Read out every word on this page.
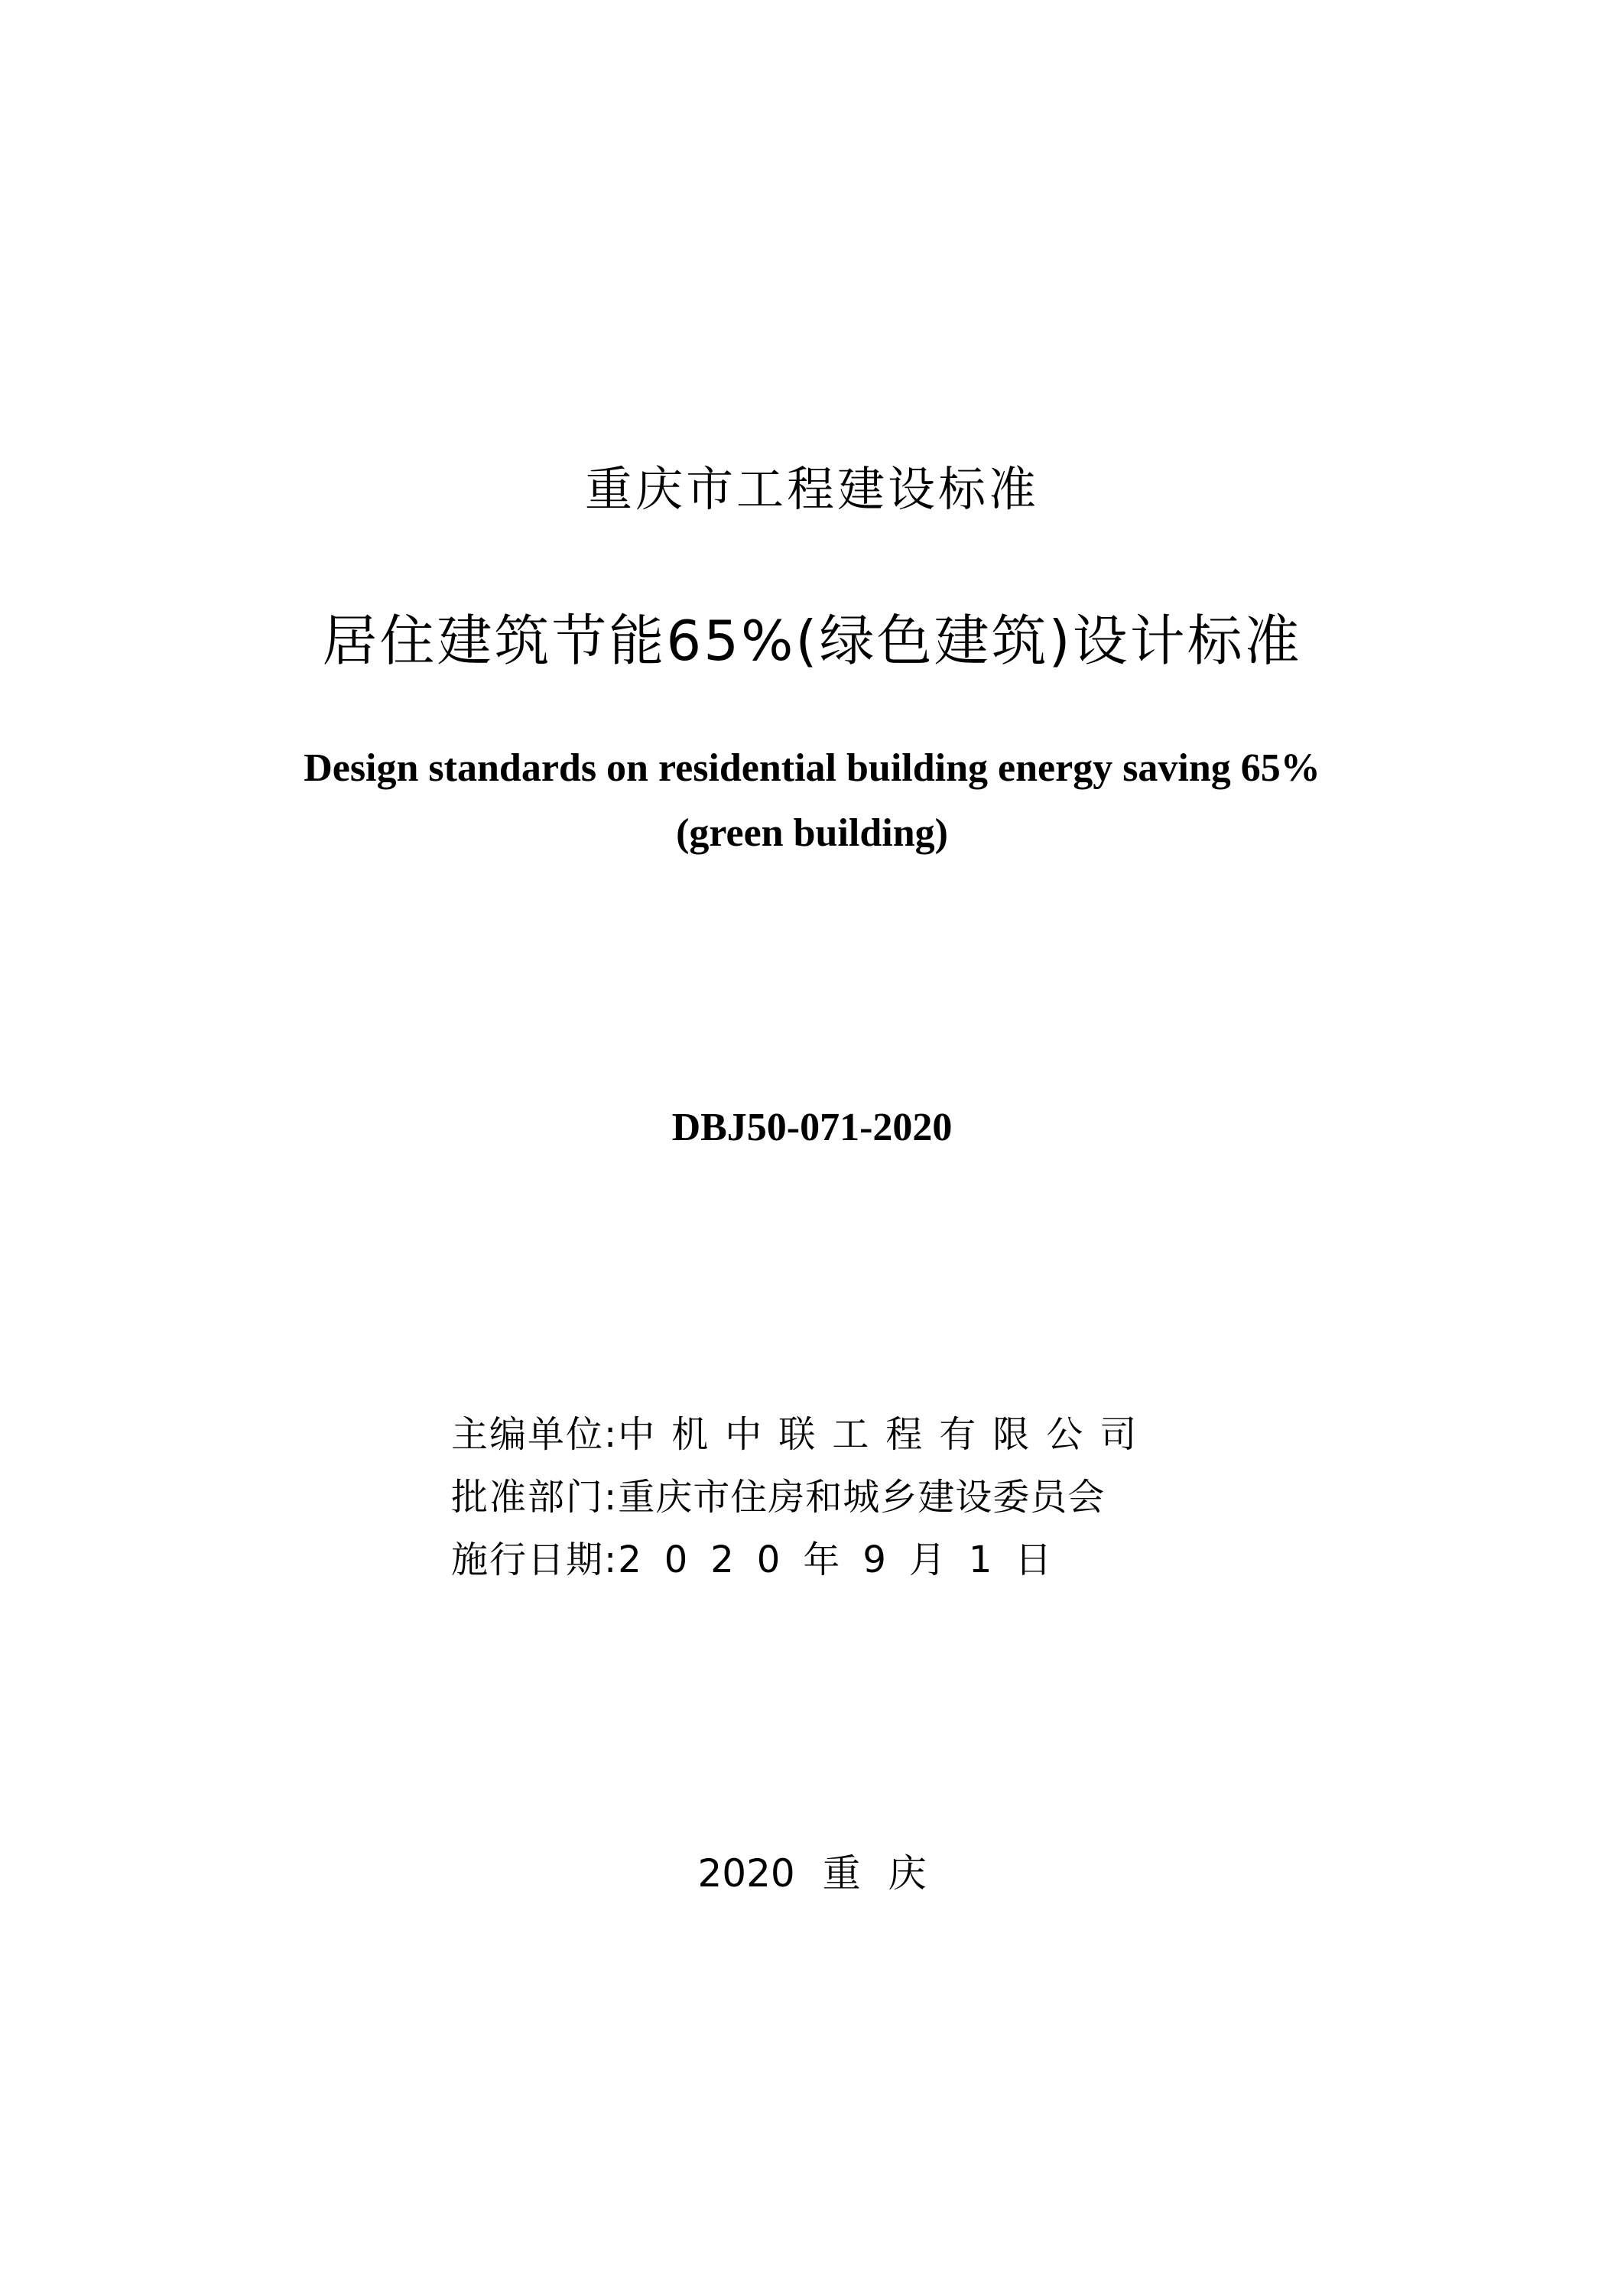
重庆市工程建设标准
居住建筑节能65%(绿色建筑)设计标准
Design standards on residential building energy saving 65%
(green building)
DBJ50-071-2020
主编单位: 中机中联工程有限公司
批准部门: 重庆市住房和城乡建设委员会
施行日期: 2020年9月1日
2020 重 庆
